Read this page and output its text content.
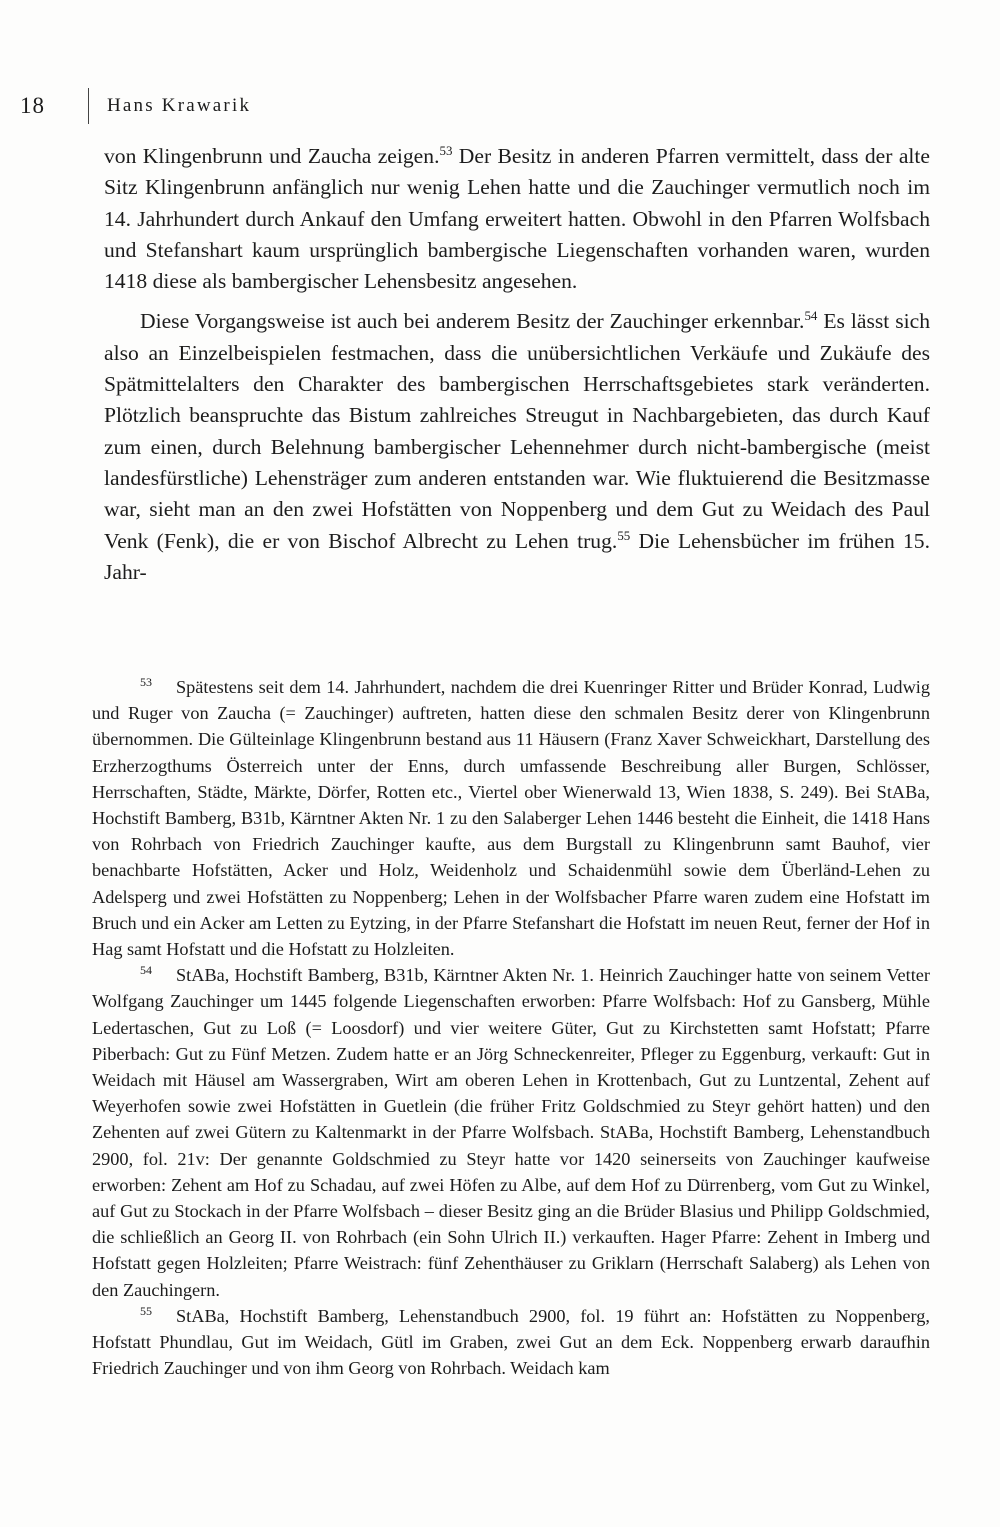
18	Hans Krawarik

von Klingenbrunn und Zaucha zeigen.$^{53}$ Der Besitz in anderen Pfarren vermittelt, dass der alte Sitz Klingenbrunn anfänglich nur wenig Lehen hatte und die Zauchinger vermutlich noch im 14. Jahrhundert durch Ankauf den Umfang erweitert hatten. Obwohl in den Pfarren Wolfsbach und Stefanshart kaum ursprünglich bambergische Liegenschaften vorhanden waren, wurden 1418 diese als bambergischer Lehensbesitz angesehen.

Diese Vorgangsweise ist auch bei anderem Besitz der Zauchinger erkennbar.$^{54}$ Es lässt sich also an Einzelbeispielen festmachen, dass die unübersichtlichen Verkäufe und Zukäufe des Spätmittelalters den Charakter des bambergischen Herrschaftsgebietes stark veränderten. Plötzlich beanspruchte das Bistum zahlreiches Streugut in Nachbargebieten, das durch Kauf zum einen, durch Belehnung bambergischer Lehennehmer durch nicht-bambergische (meist landesfürstliche) Lehensträger zum anderen entstanden war. Wie fluktuierend die Besitzmasse war, sieht man an den zwei Hofstätten von Noppenberg und dem Gut zu Weidach des Paul Venk (Fenk), die er von Bischof Albrecht zu Lehen trug.$^{55}$ Die Lehensbücher im frühen 15. Jahr-

$^{53}$ Spätestens seit dem 14. Jahrhundert, nachdem die drei Kuenringer Ritter und Brüder Konrad, Ludwig und Ruger von Zaucha (= Zauchinger) auftreten, hatten diese den schmalen Besitz derer von Klingenbrunn übernommen. Die Gülteinlage Klingenbrunn bestand aus 11 Häusern (Franz Xaver Schweickhart, Darstellung des Erzherzogthums Österreich unter der Enns, durch umfassende Beschreibung aller Burgen, Schlösser, Herrschaften, Städte, Märkte, Dörfer, Rotten etc., Viertel ober Wienerwald 13, Wien 1838, S. 249). Bei StABa, Hochstift Bamberg, B31b, Kärntner Akten Nr. 1 zu den Salaberger Lehen 1446 besteht die Einheit, die 1418 Hans von Rohrbach von Friedrich Zauchinger kaufte, aus dem Burgstall zu Klingenbrunn samt Bauhof, vier benachbarte Hofstätten, Acker und Holz, Weidenholz und Schaidenmühl sowie dem Überländ-Lehen zu Adelsperg und zwei Hofstätten zu Noppenberg; Lehen in der Wolfsbacher Pfarre waren zudem eine Hofstatt im Bruch und ein Acker am Letten zu Eytzing, in der Pfarre Stefanshart die Hofstatt im neuen Reut, ferner der Hof in Hag samt Hofstatt und die Hofstatt zu Holzleiten.

$^{54}$ StABa, Hochstift Bamberg, B31b, Kärntner Akten Nr. 1. Heinrich Zauchinger hatte von seinem Vetter Wolfgang Zauchinger um 1445 folgende Liegenschaften erworben: Pfarre Wolfsbach: Hof zu Gansberg, Mühle Ledertaschen, Gut zu Loß (= Loosdorf) und vier weitere Güter, Gut zu Kirchstetten samt Hofstatt; Pfarre Piberbach: Gut zu Fünf Metzen. Zudem hatte er an Jörg Schneckenreiter, Pfleger zu Eggenburg, verkauft: Gut in Weidach mit Häusel am Wassergraben, Wirt am oberen Lehen in Krottenbach, Gut zu Luntzental, Zehent auf Weyerhofen sowie zwei Hofstätten in Guetlein (die früher Fritz Goldschmied zu Steyr gehört hatten) und den Zehenten auf zwei Gütern zu Kaltenmarkt in der Pfarre Wolfsbach. StABa, Hochstift Bamberg, Lehenstandbuch 2900, fol. 21v: Der genannte Goldschmied zu Steyr hatte vor 1420 seinerseits von Zauchinger kaufweise erworben: Zehent am Hof zu Schadau, auf zwei Höfen zu Albe, auf dem Hof zu Dürrenberg, vom Gut zu Winkel, auf Gut zu Stockach in der Pfarre Wolfsbach – dieser Besitz ging an die Brüder Blasius und Philipp Goldschmied, die schließlich an Georg II. von Rohrbach (ein Sohn Ulrich II.) verkauften. Hager Pfarre: Zehent in Imberg und Hofstatt gegen Holzleiten; Pfarre Weistrach: fünf Zehenthäuser zu Griklarn (Herrschaft Salaberg) als Lehen von den Zauchingern.

$^{55}$ StABa, Hochstift Bamberg, Lehenstandbuch 2900, fol. 19 führt an: Hofstätten zu Noppenberg, Hofstatt Phundlau, Gut im Weidach, Gütl im Graben, zwei Gut an dem Eck. Noppenberg erwarb daraufhin Friedrich Zauchinger und von ihm Georg von Rohrbach. Weidach kam
